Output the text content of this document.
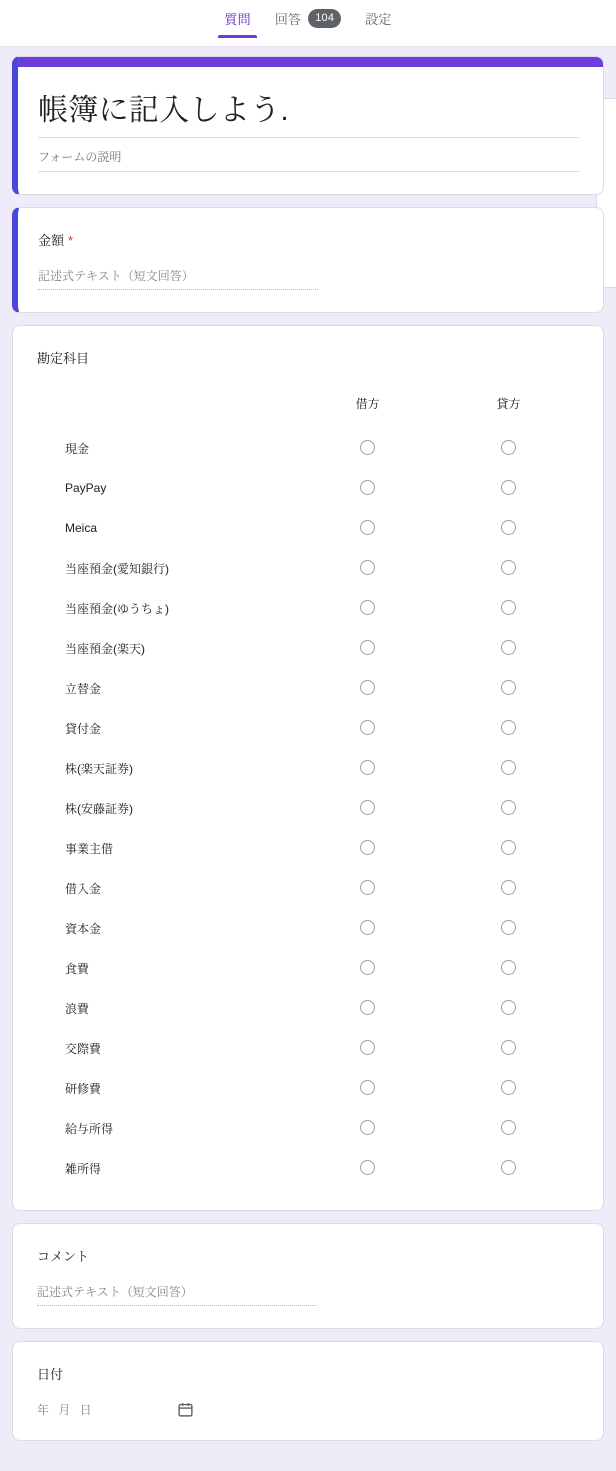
質問 回答	104	設定
帳簿に記入しよう.
フォームの説明
金額 *
記述式テキスト（短文回答）
勘定科目
	借方	貸方
現金		
PayPay		
Meica		
当座預金(愛知銀行)		
当座預金(ゆうちょ)		
当座預金(楽天)		
立替金		
貸付金		
株(楽天証券)		
株(安藤証券)		
事業主借		
借入金		
資本金		
食費		
浪費		
交際費		
研修費		
給与所得		
雑所得		
コメント
記述式テキスト（短文回答）
日付
年 月 日
